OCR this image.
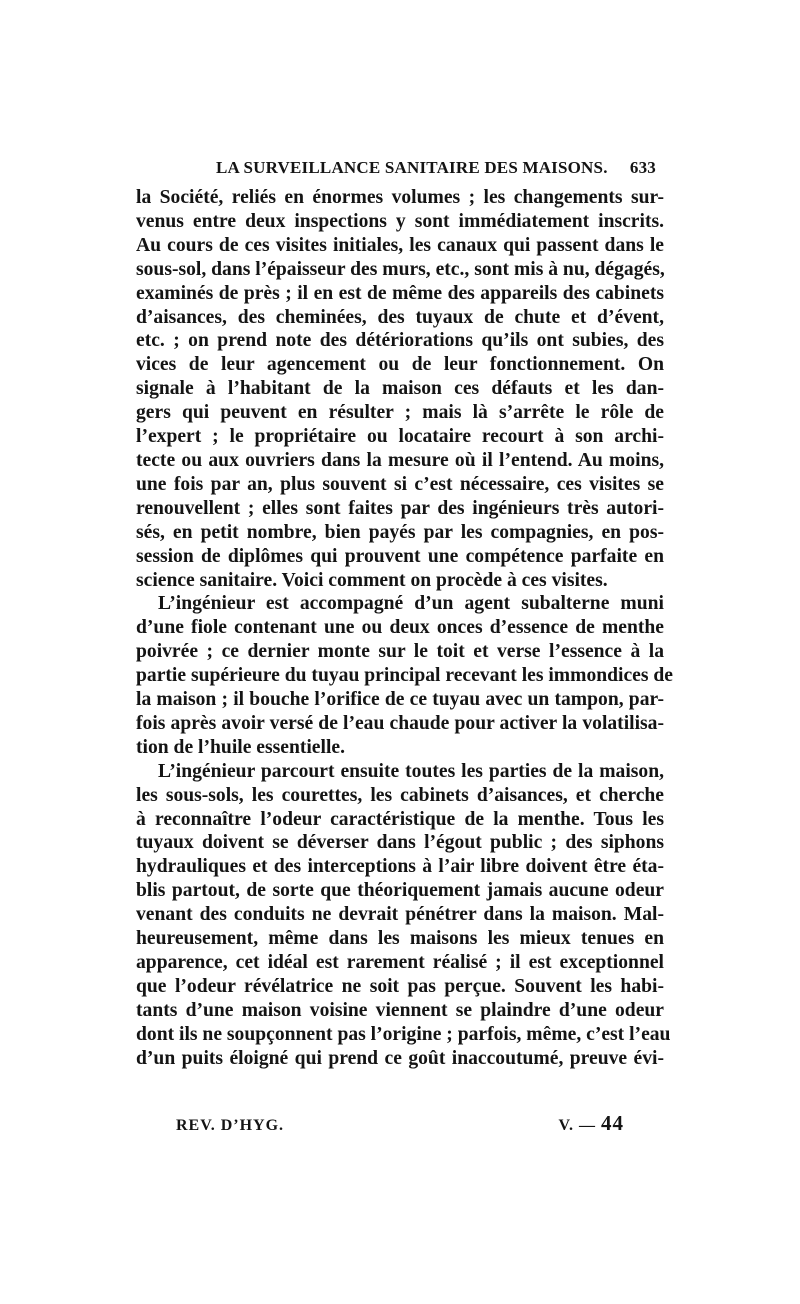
LA SURVEILLANCE SANITAIRE DES MAISONS. 633
la Société, reliés en énormes volumes ; les changements sur-
venus entre deux inspections y sont immédiatement inscrits.
Au cours de ces visites initiales, les canaux qui passent dans le
sous-sol, dans l’épaisseur des murs, etc., sont mis à nu, dégagés,
examinés de près ; il en est de même des appareils des cabinets
d’aisances, des cheminées, des tuyaux de chute et d’évent,
etc. ; on prend note des détériorations qu’ils ont subies, des
vices de leur agencement ou de leur fonctionnement. On
signale à l’habitant de la maison ces défauts et les dan-
gers qui peuvent en résulter ; mais là s’arrête le rôle de
l’expert ; le propriétaire ou locataire recourt à son archi-
tecte ou aux ouvriers dans la mesure où il l’entend. Au moins,
une fois par an, plus souvent si c’est nécessaire, ces visites se
renouvellent ; elles sont faites par des ingénieurs très autori-
sés, en petit nombre, bien payés par les compagnies, en pos-
session de diplômes qui prouvent une compétence parfaite en
science sanitaire. Voici comment on procède à ces visites.
L’ingénieur est accompagné d’un agent subalterne muni
d’une fiole contenant une ou deux onces d’essence de menthe
poivrée ; ce dernier monte sur le toit et verse l’essence à la
partie supérieure du tuyau principal recevant les immondices de
la maison ; il bouche l’orifice de ce tuyau avec un tampon, par-
fois après avoir versé de l’eau chaude pour activer la volatilisa-
tion de l’huile essentielle.
L’ingénieur parcourt ensuite toutes les parties de la maison,
les sous-sols, les courettes, les cabinets d’aisances, et cherche
à reconnaître l’odeur caractéristique de la menthe. Tous les
tuyaux doivent se déverser dans l’égout public ; des siphons
hydrauliques et des interceptions à l’air libre doivent être éta-
blis partout, de sorte que théoriquement jamais aucune odeur
venant des conduits ne devrait pénétrer dans la maison. Mal-
heureusement, même dans les maisons les mieux tenues en
apparence, cet idéal est rarement réalisé ; il est exceptionnel
que l’odeur révélatrice ne soit pas perçue. Souvent les habi-
tants d’une maison voisine viennent se plaindre d’une odeur
dont ils ne soupçonnent pas l’origine ; parfois, même, c’est l’eau
d’un puits éloigné qui prend ce goût inaccoutumé, preuve évi-
REV. D’HYG.	V. — 44
